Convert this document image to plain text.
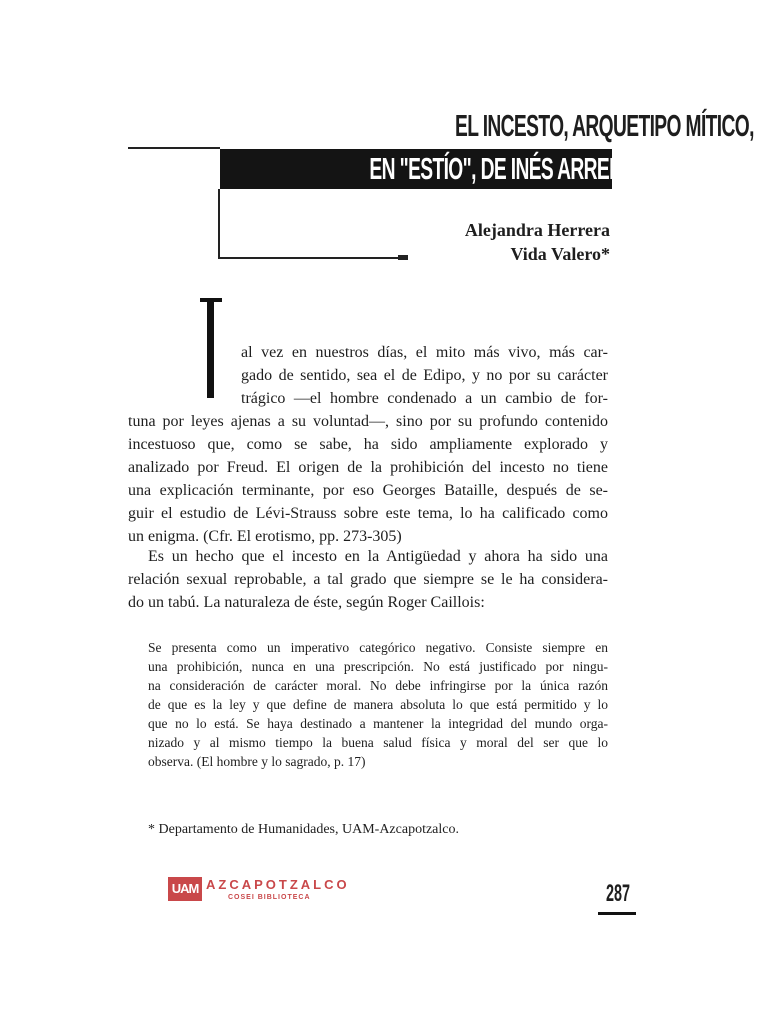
EL INCESTO, ARQUETIPO MÍTICO,
EN "ESTÍO", DE INÉS ARREDONDO
Alejandra Herrera
Vida Valero*
al vez en nuestros días, el mito más vivo, más car-
gado de sentido, sea el de Edipo, y no por su carácter
trágico —el hombre condenado a un cambio de for-
tuna por leyes ajenas a su voluntad—, sino por su profundo contenido
incestuoso que, como se sabe, ha sido ampliamente explorado y
analizado por Freud. El origen de la prohibición del incesto no tiene
una explicación terminante, por eso Georges Bataille, después de se-
guir el estudio de Lévi-Strauss sobre este tema, lo ha calificado como
un enigma. (Cfr. El erotismo, pp. 273-305)
Es un hecho que el incesto en la Antigüedad y ahora ha sido una
relación sexual reprobable, a tal grado que siempre se le ha considera-
do un tabú. La naturaleza de éste, según Roger Caillois:
Se presenta como un imperativo categórico negativo. Consiste siempre en
una prohibición, nunca en una prescripción. No está justificado por ningu-
na consideración de carácter moral. No debe infringirse por la única razón
de que es la ley y que define de manera absoluta lo que está permitido y lo
que no lo está. Se haya destinado a mantener la integridad del mundo orga-
nizado y al mismo tiempo la buena salud física y moral del ser que lo
observa. (El hombre y lo sagrado, p. 17)
* Departamento de Humanidades, UAM-Azcapotzalco.
UAM AZCAPOTZALCO
COSEI BIBLIOTECA	287
